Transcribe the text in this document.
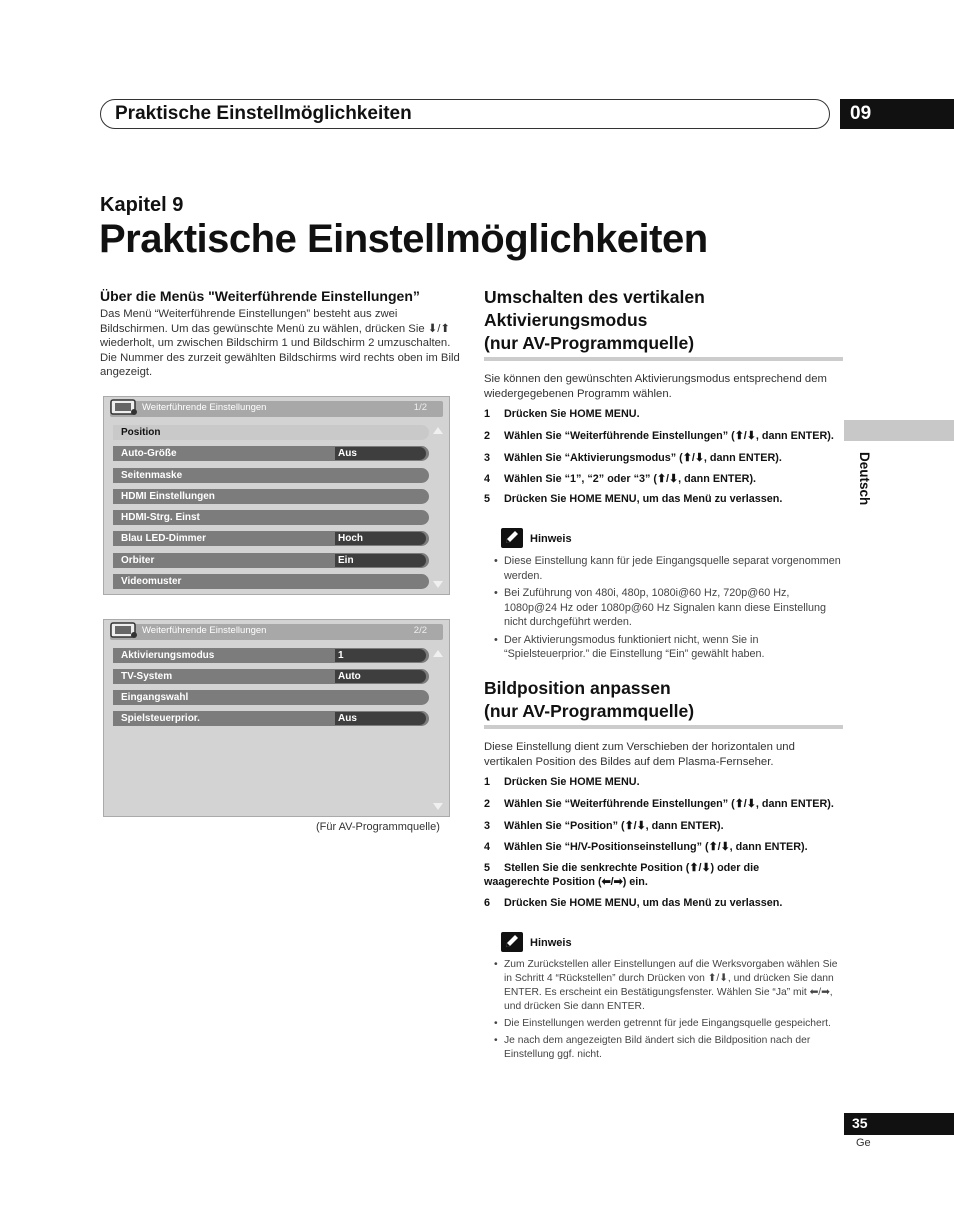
Praktische Einstellmöglichkeiten	09
Kapitel 9
Praktische Einstellmöglichkeiten
Über die Menüs "Weiterführende Einstellungen”
Das Menü “Weiterführende Einstellungen” besteht aus zwei Bildschirmen. Um das gewünschte Menü zu wählen, drücken Sie ⬇/⬆ wiederholt, um zwischen Bildschirm 1 und Bildschirm 2 umzuschalten. Die Nummer des zurzeit gewählten Bildschirms wird rechts oben im Bild angezeigt.
Weiterführende Einstellungen	1/2
Position
Auto-Größe	Aus
Seitenmaske
HDMI Einstellungen
HDMI-Strg. Einst
Blau LED-Dimmer	Hoch
Orbiter	Ein
Videomuster
Weiterführende Einstellungen	2/2
Aktivierungsmodus	1
TV-System	Auto
Eingangswahl
Spielsteuerprior.	Aus
(Für AV-Programmquelle)
Umschalten des vertikalen
Aktivierungsmodus
(nur AV-Programmquelle)
Sie können den gewünschten Aktivierungsmodus entsprechend dem wiedergegebenen Programm wählen.
1 Drücken Sie HOME MENU.
2 Wählen Sie “Weiterführende Einstellungen” (⬆/⬇, dann ENTER).
3 Wählen Sie “Aktivierungsmodus” (⬆/⬇, dann ENTER).
4 Wählen Sie “1”, “2” oder “3” (⬆/⬇, dann ENTER).
5 Drücken Sie HOME MENU, um das Menü zu verlassen.
Hinweis
• Diese Einstellung kann für jede Eingangsquelle separat vorgenommen werden.
• Bei Zuführung von 480i, 480p, 1080i@60 Hz, 720p@60 Hz, 1080p@24 Hz oder 1080p@60 Hz Signalen kann diese Einstellung nicht durchgeführt werden.
• Der Aktivierungsmodus funktioniert nicht, wenn Sie in “Spielsteuerprior.” die Einstellung “Ein” gewählt haben.
Bildposition anpassen
(nur AV-Programmquelle)
Diese Einstellung dient zum Verschieben der horizontalen und vertikalen Position des Bildes auf dem Plasma-Fernseher.
1 Drücken Sie HOME MENU.
2 Wählen Sie “Weiterführende Einstellungen” (⬆/⬇, dann ENTER).
3 Wählen Sie “Position” (⬆/⬇, dann ENTER).
4 Wählen Sie “H/V-Positionseinstellung” (⬆/⬇, dann ENTER).
5 Stellen Sie die senkrechte Position (⬆/⬇) oder die
waagerechte Position (⬅/➡) ein.
6 Drücken Sie HOME MENU, um das Menü zu verlassen.
Hinweis
• Zum Zurückstellen aller Einstellungen auf die Werksvorgaben wählen Sie in Schritt 4 “Rückstellen” durch Drücken von ⬆/⬇, und drücken Sie dann ENTER. Es erscheint ein Bestätigungsfenster. Wählen Sie “Ja” mit ⬅/➡, und drücken Sie dann ENTER.
• Die Einstellungen werden getrennt für jede Eingangsquelle gespeichert.
• Je nach dem angezeigten Bild ändert sich die Bildposition nach der Einstellung ggf. nicht.
Deutsch
35
Ge
